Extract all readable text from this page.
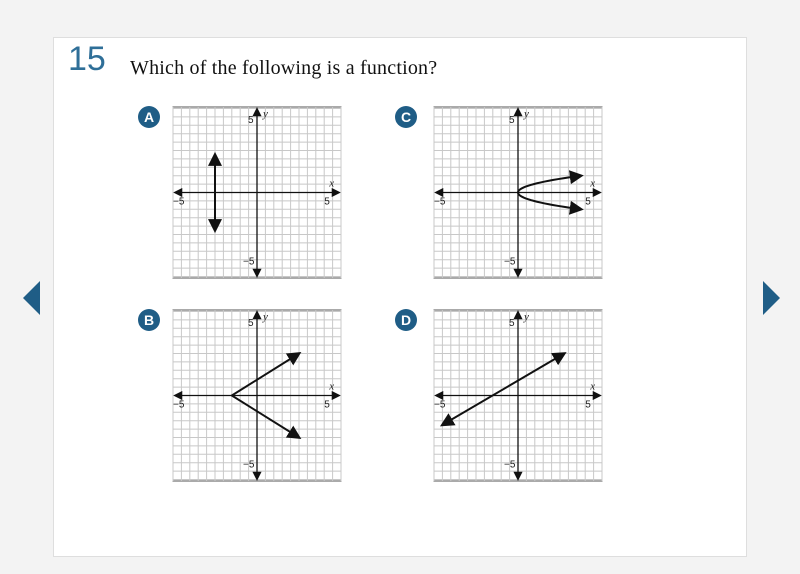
15 Which of the following is a function?
A	C
B	D
x
y
−5	5
5
−5
x
y
−5	5
5
−5
x
y
−5	5
5
−5
x
y
−5	5
5
−5
